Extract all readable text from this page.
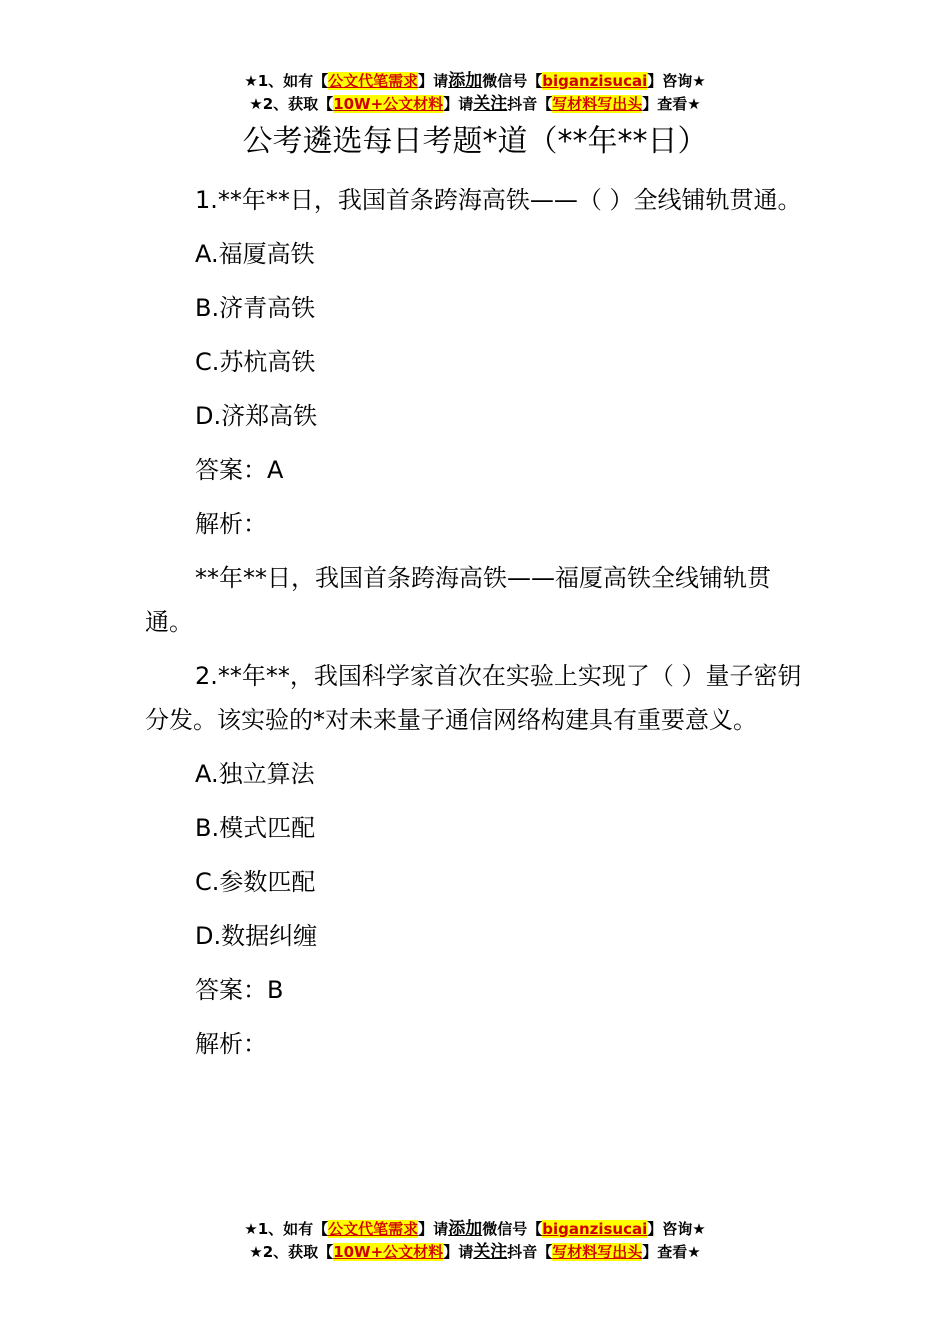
★1、如有【公文代笔需求】请添加微信号【biganzisucai】咨询★
★2、获取【10W+公文材料】请关注抖音【写材料写出头】查看★
公考遴选每日考题*道（**年**日）

1.**年**日，我国首条跨海高铁——（ ）全线铺轨贯通。

A.福厦高铁

B.济青高铁

C.苏杭高铁

D.济郑高铁

答案：A

解析：

**年**日，我国首条跨海高铁——福厦高铁全线铺轨贯通。

2.**年**，我国科学家首次在实验上实现了（ ）量子密钥分发。该实验的*对未来量子通信网络构建具有重要意义。

A.独立算法

B.模式匹配

C.参数匹配

D.数据纠缠

答案：B

解析：

★1、如有【公文代笔需求】请添加微信号【biganzisucai】咨询★
★2、获取【10W+公文材料】请关注抖音【写材料写出头】查看★
